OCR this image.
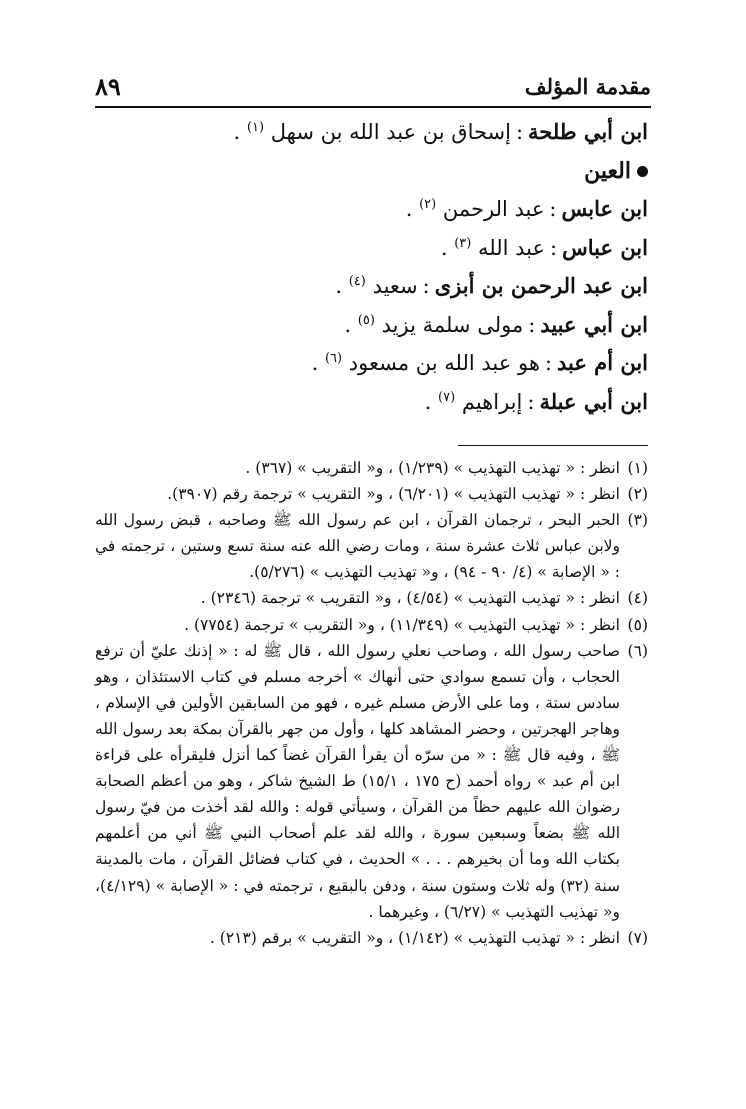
مقدمة المؤلف
٨٩
ابن أبي طلحة:إسحاق بن عبد الله بن سهل $^{(١)}$ .
العين
ابن عابس:عبد الرحمن $^{(٢)}$ .
ابن عباس:عبد الله $^{(٣)}$ .
ابن عبد الرحمن بن أبزى:سعيد $^{(٤)}$ .
ابن أبي عبيد:مولى سلمة يزيد $^{(٥)}$ .
ابن أم عبد:هو عبد الله بن مسعود $^{(٦)}$ .
ابن أبي عبلة:إبراهيم $^{(٧)}$ .
(١)
انظر : « تهذيب التهذيب » (١/٢٣٩) ، و« التقريب » (٣٦٧) .
(٢)
انظر : « تهذيب التهذيب » (٦/٢٠١) ، و« التقريب » ترجمة رقم (٣٩٠٧).
(٣)
الحبر البحر ، ترجمان القرآن ، ابن عم رسول الله ﷺ وصاحبه ، قبض رسول الله ولابن عباس ثلاث عشرة سنة ، ومات رضي الله عنه سنة تسع وستين ، ترجمته في : « الإصابة » (٤/ ٩٠ - ٩٤) ، و« تهذيب التهذيب » (٥/٢٧٦).
(٤)
انظر : « تهذيب التهذيب » (٤/٥٤) ، و« التقريب » ترجمة (٢٣٤٦) .
(٥)
انظر : « تهذيب التهذيب » (١١/٣٤٩) ، و« التقريب » ترجمة (٧٧٥٤) .
(٦)
صاحب رسول الله ، وصاحب نعلي رسول الله ، قال ﷺ له : « إذنك عليّ أن ترفع الحجاب ، وأن تسمع سوادي حتى أنهاك » أخرجه مسلم في كتاب الاستئذان ، وهو سادس ستة ، وما على الأرض مسلم غيره ، فهو من السابقين الأولين في الإسلام ، وهاجر الهجرتين ، وحضر المشاهد كلها ، وأول من جهر بالقرآن بمكة بعد رسول الله ﷺ ، وفيه قال ﷺ : « من سرّه أن يقرأ القرآن غضاً كما أنزل فليقرأه على قراءة ابن أم عبد » رواه أحمد (ح ١٧٥ ، ١٥/١) ط الشيخ شاكر ، وهو من أعظم الصحابة رضوان الله عليهم حظاً من القرآن ، وسيأتي قوله : والله لقد أخذت من فيّ رسول الله ﷺ بضعاً وسبعين سورة ، والله لقد علم أصحاب النبي ﷺ أني من أعلمهم بكتاب الله وما أن بخيرهم . . . » الحديث ، في كتاب فضائل القرآن ، مات بالمدينة سنة (٣٢) وله ثلاث وستون سنة ، ودفن بالبقيع ، ترجمته في : « الإصابة » (٤/١٢٩)، و« تهذيب التهذيب » (٦/٢٧) ، وغيرهما .
(٧)
انظر : « تهذيب التهذيب » (١/١٤٢) ، و« التقريب » برقم (٢١٣) .
